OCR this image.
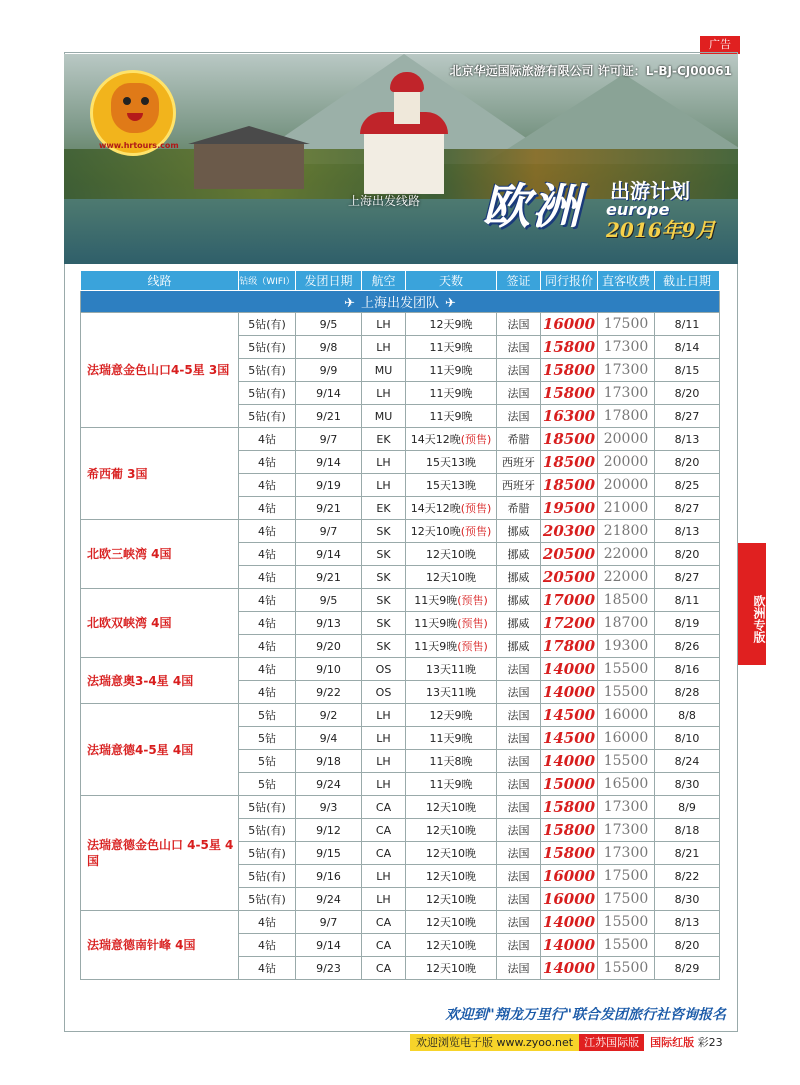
广告
www.hrtours.com
北京华远国际旅游有限公司 许可证：L-BJ-CJ00061
上海出发线路 欧洲 出游计划
europe
2016年9月
线路	钻级（WIFI）	发团日期	航空	天数	签证	同行报价	直客收费	截止日期
✈ 上海出发团队 ✈								
法瑞意金色山口4-5星 3国	5钻(有)	9/5	LH	12天9晚	法国	16000	17500	8/11
	5钻(有)	9/8	LH	11天9晚	法国	15800	17300	8/14
	5钻(有)	9/9	MU	11天9晚	法国	15800	17300	8/15
	5钻(有)	9/14	LH	11天9晚	法国	15800	17300	8/20
	5钻(有)	9/21	MU	11天9晚	法国	16300	17800	8/27
希西葡 3国	4钻	9/7	EK	14天12晚(预售)	希腊	18500	20000	8/13
	4钻	9/14	LH	15天13晚	西班牙	18500	20000	8/20
	4钻	9/19	LH	15天13晚	西班牙	18500	20000	8/25
	4钻	9/21	EK	14天12晚(预售)	希腊	19500	21000	8/27
北欧三峡湾 4国	4钻	9/7	SK	12天10晚(预售)	挪威	20300	21800	8/13
	4钻	9/14	SK	12天10晚	挪威	20500	22000	8/20
	4钻	9/21	SK	12天10晚	挪威	20500	22000	8/27
北欧双峡湾 4国	4钻	9/5	SK	11天9晚(预售)	挪威	17000	18500	8/11
	4钻	9/13	SK	11天9晚(预售)	挪威	17200	18700	8/19
	4钻	9/20	SK	11天9晚(预售)	挪威	17800	19300	8/26
法瑞意奥3-4星 4国	4钻	9/10	OS	13天11晚	法国	14000	15500	8/16
	4钻	9/22	OS	13天11晚	法国	14000	15500	8/28
法瑞意德4-5星 4国	5钻	9/2	LH	12天9晚	法国	14500	16000	8/8
	5钻	9/4	LH	11天9晚	法国	14500	16000	8/10
	5钻	9/18	LH	11天8晚	法国	14000	15500	8/24
	5钻	9/24	LH	11天9晚	法国	15000	16500	8/30
法瑞意德金色山口 4-5星 4国	5钻(有)	9/3	CA	12天10晚	法国	15800	17300	8/9
	5钻(有)	9/12	CA	12天10晚	法国	15800	17300	8/18
	5钻(有)	9/15	CA	12天10晚	法国	15800	17300	8/21
	5钻(有)	9/16	LH	12天10晚	法国	16000	17500	8/22
	5钻(有)	9/24	LH	12天10晚	法国	16000	17500	8/30
法瑞意德南针峰 4国	4钻	9/7	CA	12天10晚	法国	14000	15500	8/13
	4钻	9/14	CA	12天10晚	法国	14000	15500	8/20
	4钻	9/23	CA	12天10晚	法国	14000	15500	8/29
欧洲专版
欢迎到"翔龙万里行"联合发团旅行社咨询报名
欢迎浏览电子版 www.zyoo.net	江苏国际版	国际红版 彩23
